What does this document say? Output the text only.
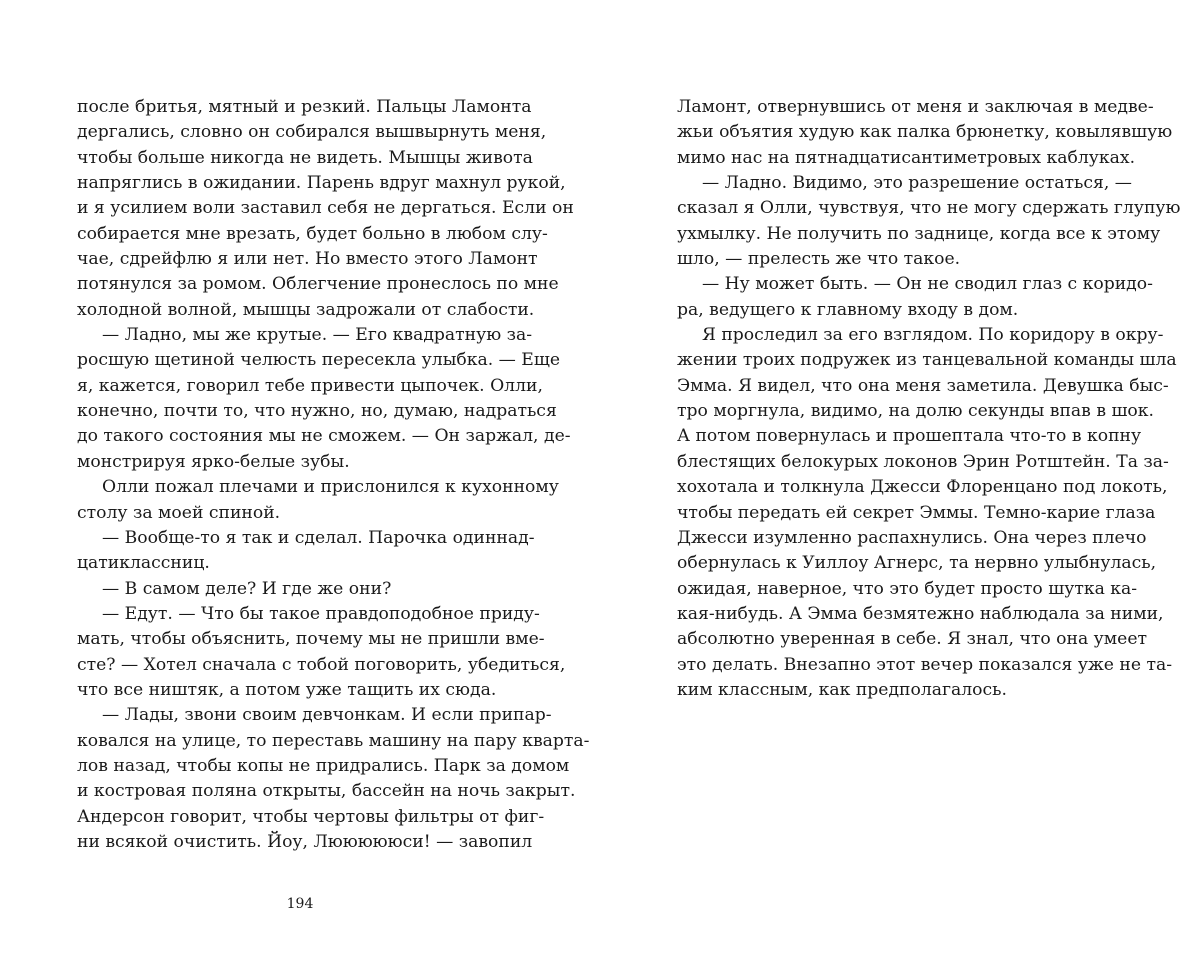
после бритья, мятный и резкий. Пальцы Ламонта
дергались, словно он собирался вышвырнуть меня,
чтобы больше никогда не видеть. Мышцы живота
напряглись в ожидании. Парень вдруг махнул рукой,
и я усилием воли заставил себя не дергаться. Если он
собирается мне врезать, будет больно в любом слу-
чае, сдрейфлю я или нет. Но вместо этого Ламонт
потянулся за ромом. Облегчение пронеслось по мне
холодной волной, мышцы задрожали от слабости.
— Ладно, мы же крутые. — Его квадратную за-
росшую щетиной челюсть пересекла улыбка. — Еще
я, кажется, говорил тебе привести цыпочек. Олли,
конечно, почти то, что нужно, но, думаю, надраться
до такого состояния мы не сможем. — Он заржал, де-
монстрируя ярко-белые зубы.
Олли пожал плечами и прислонился к кухонному
столу за моей спиной.
— Вообще-то я так и сделал. Парочка одиннад-
цатиклассниц.
— В самом деле? И где же они?
— Едут. — Что бы такое правдоподобное приду-
мать, чтобы объяснить, почему мы не пришли вме-
сте? — Хотел сначала с тобой поговорить, убедиться,
что все ништяк, а потом уже тащить их сюда.
— Лады, звони своим девчонкам. И если припар-
ковался на улице, то переставь машину на пару кварта-
лов назад, чтобы копы не придрались. Парк за домом
и костровая поляна открыты, бассейн на ночь закрыт.
Андерсон говорит, чтобы чертовы фильтры от фиг-
ни всякой очистить. Йоу, Люююююси! — завопил
Ламонт, отвернувшись от меня и заключая в медве-
жьи объятия худую как палка брюнетку, ковылявшую
мимо нас на пятнадцатисантиметровых каблуках.
— Ладно. Видимо, это разрешение остаться, —
сказал я Олли, чувствуя, что не могу сдержать глупую
ухмылку. Не получить по заднице, когда все к этому
шло, — прелесть же что такое.
— Ну может быть. — Он не сводил глаз с коридо-
ра, ведущего к главному входу в дом.
Я проследил за его взглядом. По коридору в окру-
жении троих подружек из танцевальной команды шла
Эмма. Я видел, что она меня заметила. Девушка быс-
тро моргнула, видимо, на долю секунды впав в шок.
А потом повернулась и прошептала что-то в копну
блестящих белокурых локонов Эрин Ротштейн. Та за-
хохотала и толкнула Джесси Флоренцано под локоть,
чтобы передать ей секрет Эммы. Темно-карие глаза
Джесси изумленно распахнулись. Она через плечо
обернулась к Уиллоу Агнерс, та нервно улыбнулась,
ожидая, наверное, что это будет просто шутка ка-
кая-нибудь. А Эмма безмятежно наблюдала за ними,
абсолютно уверенная в себе. Я знал, что она умеет
это делать. Внезапно этот вечер показался уже не та-
ким классным, как предполагалось.
194
